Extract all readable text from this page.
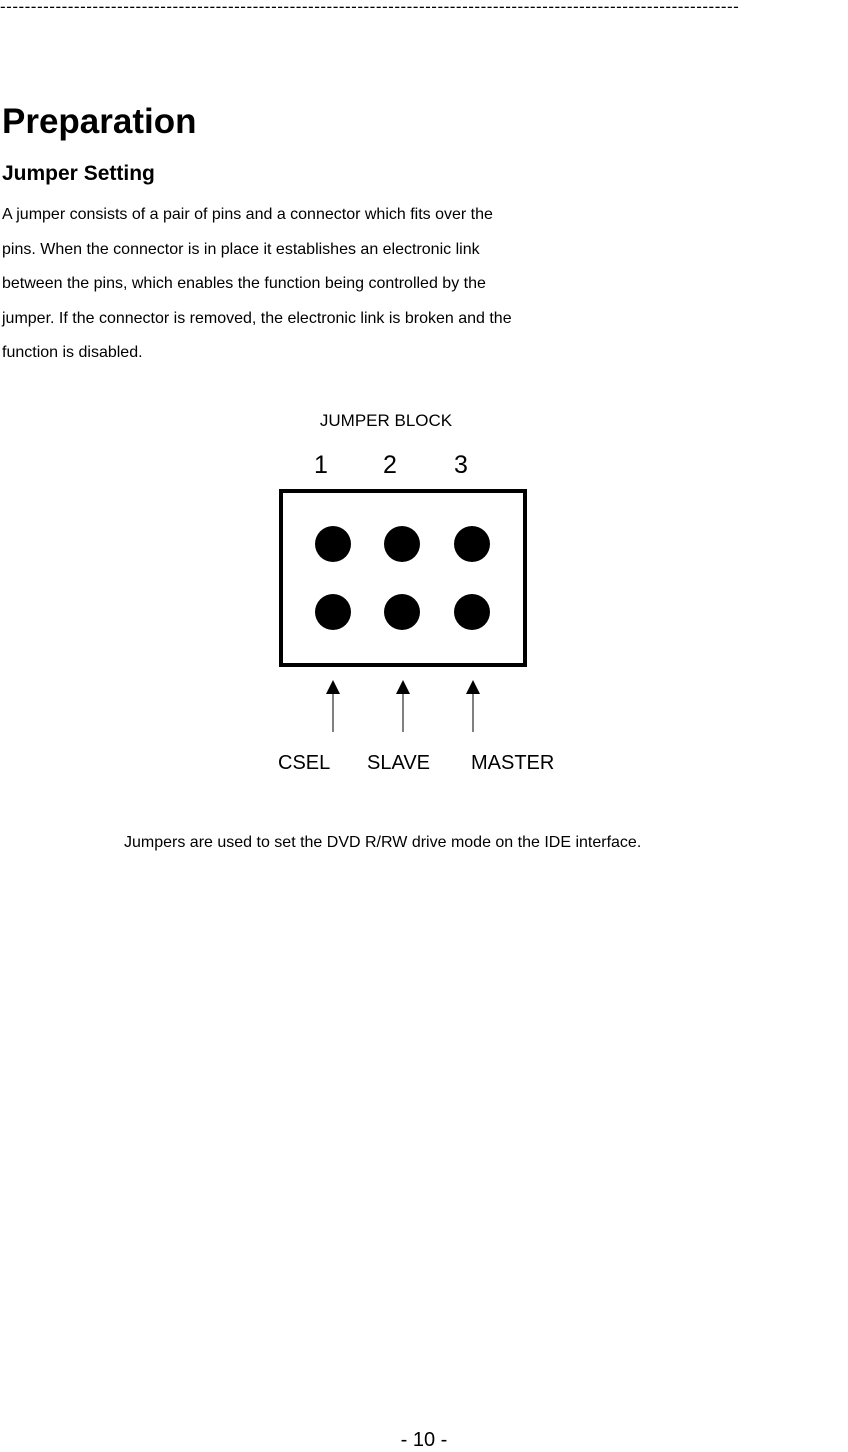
------------------------------------------------------------------------------------------------------------------------
Preparation
Jumper Setting

A jumper consists of a pair of pins and a connector which fits over the
pins. When the connector is in place it establishes an electronic link
between the pins, which enables the function being controlled by the
jumper. If the connector is removed, the electronic link is broken and the
function is disabled.

JUMPER BLOCK
1 2 3
CSEL SLAVE MASTER

Jumpers are used to set the DVD R/RW drive mode on the IDE interface.

- 10 -
